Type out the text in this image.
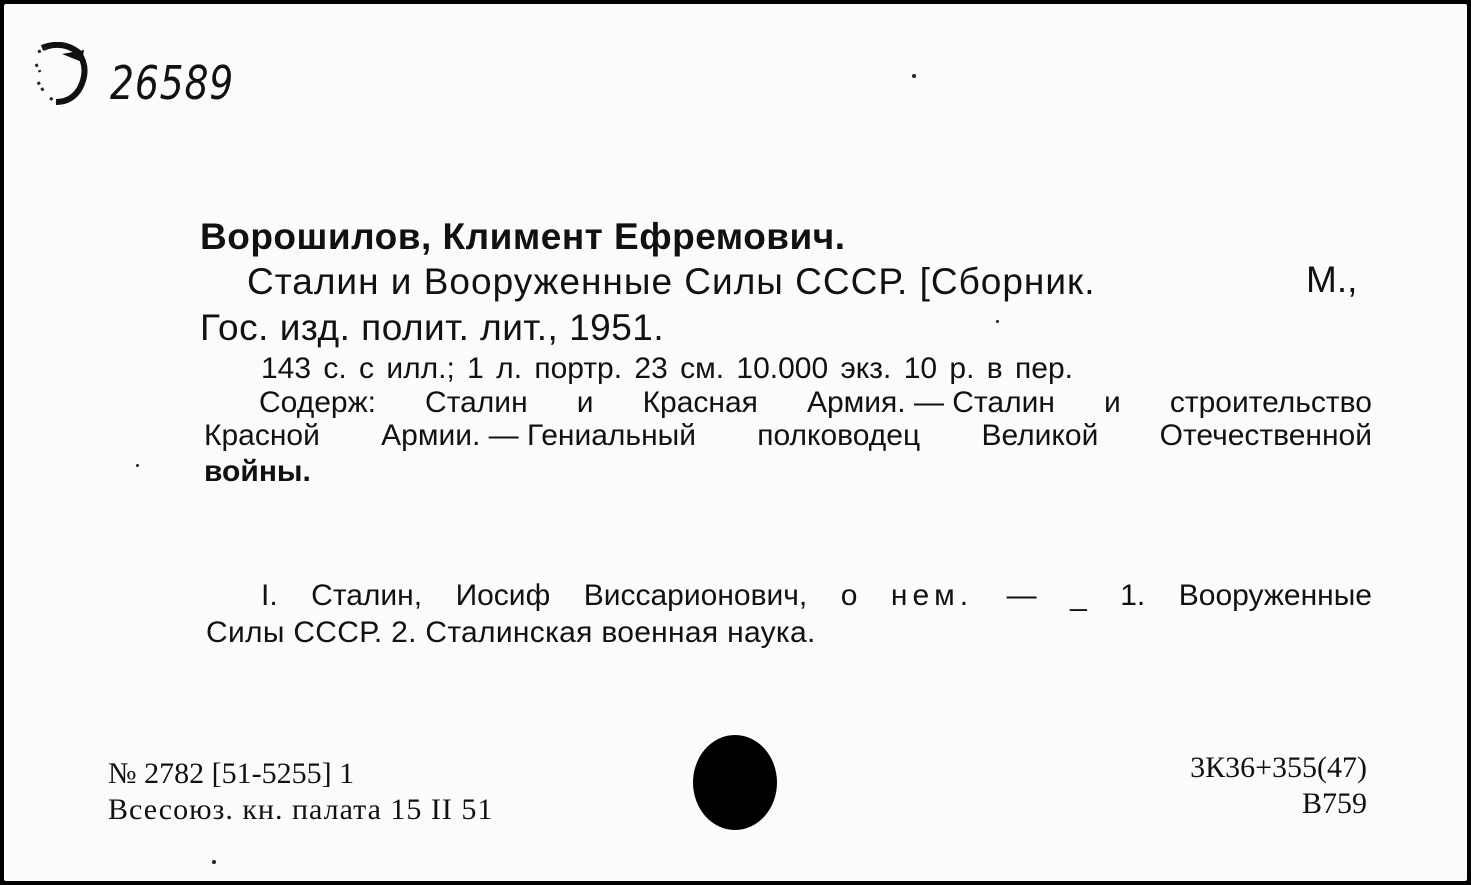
26589
Ворошилов, Климент Ефремович.
Сталин и Вооруженные Силы СССР. [Сборник.	М.,
Гос. изд. полит. лит., 1951.
143 с. с илл.; 1 л. портр. 23 см. 10.000 экз. 10 р. в пер.
Содерж: Сталин и Красная Армия. — Сталин и строительство
Красной Армии. — Гениальный полководец Великой Отечественной
войны.
I. Сталин, Иосиф Виссарионович, о нем. — _ 1. Вооруженные
Силы СССР. 2. Сталинская военная наука.
№ 2782 [51-5255] 1
Всесоюз. кн. палата 15 II 51
3К36+355(47)
В759
